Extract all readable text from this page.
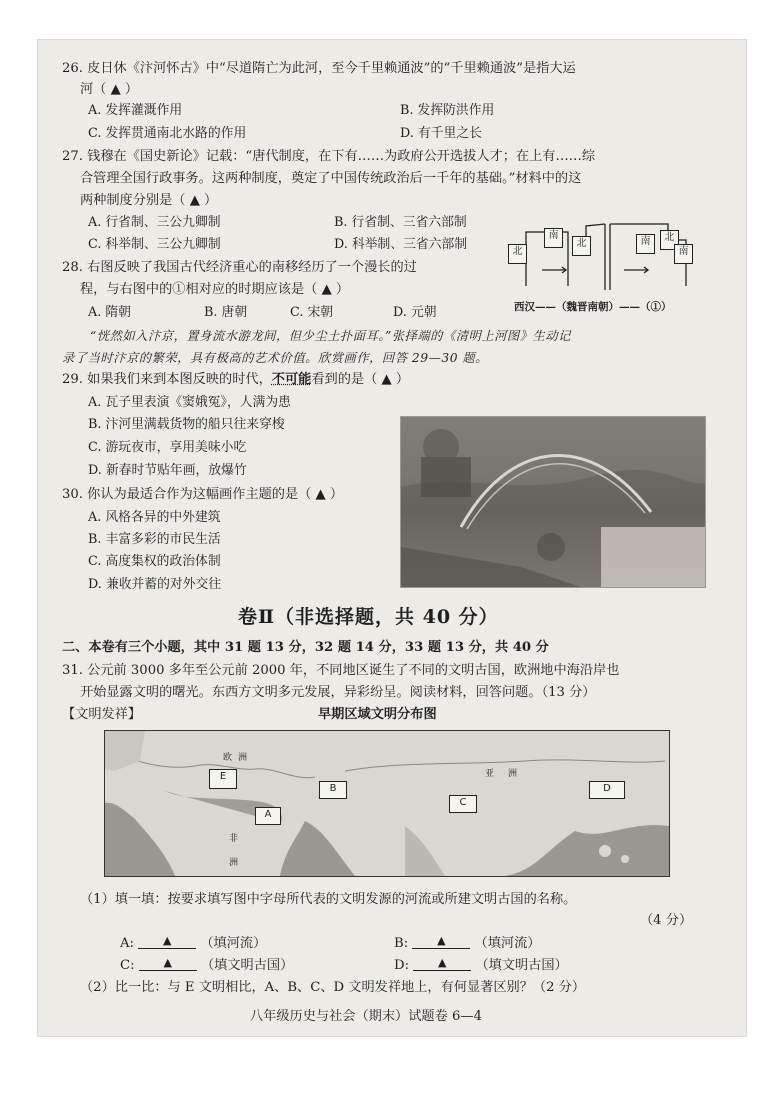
26. 皮日休《汴河怀古》中“尽道隋亡为此河，至今千里赖通波”的“千里赖通波”是指大运
河（ ▲ ）
A. 发挥灌溉作用	B. 发挥防洪作用
C. 发挥贯通南北水路的作用	D. 有千里之长
27. 钱穆在《国史新论》记载：“唐代制度，在下有……为政府公开选拔人才；在上有……综
合管理全国行政事务。这两种制度，奠定了中国传统政治后一千年的基础。”材料中的这
两种制度分别是（ ▲ ）
A. 行省制、三公九卿制	B. 行省制、三省六部制
C. 科举制、三公九卿制	D. 科举制、三省六部制	北
南
北	南	北
南
西汉——（魏晋南朝）——（①）
28. 右图反映了我国古代经济重心的南移经历了一个漫长的过
程，与右图中的①相对应的时期应该是（ ▲ ）
A. 隋朝	B. 唐朝	C. 宋朝	D. 元朝
“恍然如入汴京，置身流水游龙间，但少尘土扑面耳。”张择端的《清明上河图》生动记
录了当时汴京的繁荣，具有极高的艺术价值。欣赏画作，回答 29—30 题。
29. 如果我们来到本图反映的时代，不可能看到的是（ ▲ ）
A. 瓦子里表演《窦娥冤》，人满为患
B. 汴河里满载货物的船只往来穿梭
C. 游玩夜市，享用美味小吃
D. 新春时节贴年画，放爆竹
30. 你认为最适合作为这幅画作主题的是（ ▲ ）
A. 风格各异的中外建筑
B. 丰富多彩的市民生活
C. 高度集权的政治体制
D. 兼收并蓄的对外交往
卷Ⅱ（非选择题，共 40 分）
二、本卷有三个小题，其中 31 题 13 分，32 题 14 分，33 题 13 分，共 40 分
31. 公元前 3000 多年至公元前 2000 年，不同地区诞生了不同的文明古国，欧洲地中海沿岸也
开始显露文明的曙光。东西方文明多元发展，异彩纷呈。阅读材料，回答问题。（13 分）
【文明发祥】	早期区域文明分布图
E
B
A
C
D
欧洲
亚洲
非洲
（1）填一填：按要求填写图中字母所代表的文明发源的河流或所建文明古国的名称。
（4 分）
A:	▲	（填河流）	B:	▲	（填河流）
C:	▲	（填文明古国）	D:	▲	（填文明古国）
（2）比一比：与 E 文明相比，A、B、C、D 文明发祥地上，有何显著区别？（2 分）
八年级历史与社会（期末）试题卷 6—4
